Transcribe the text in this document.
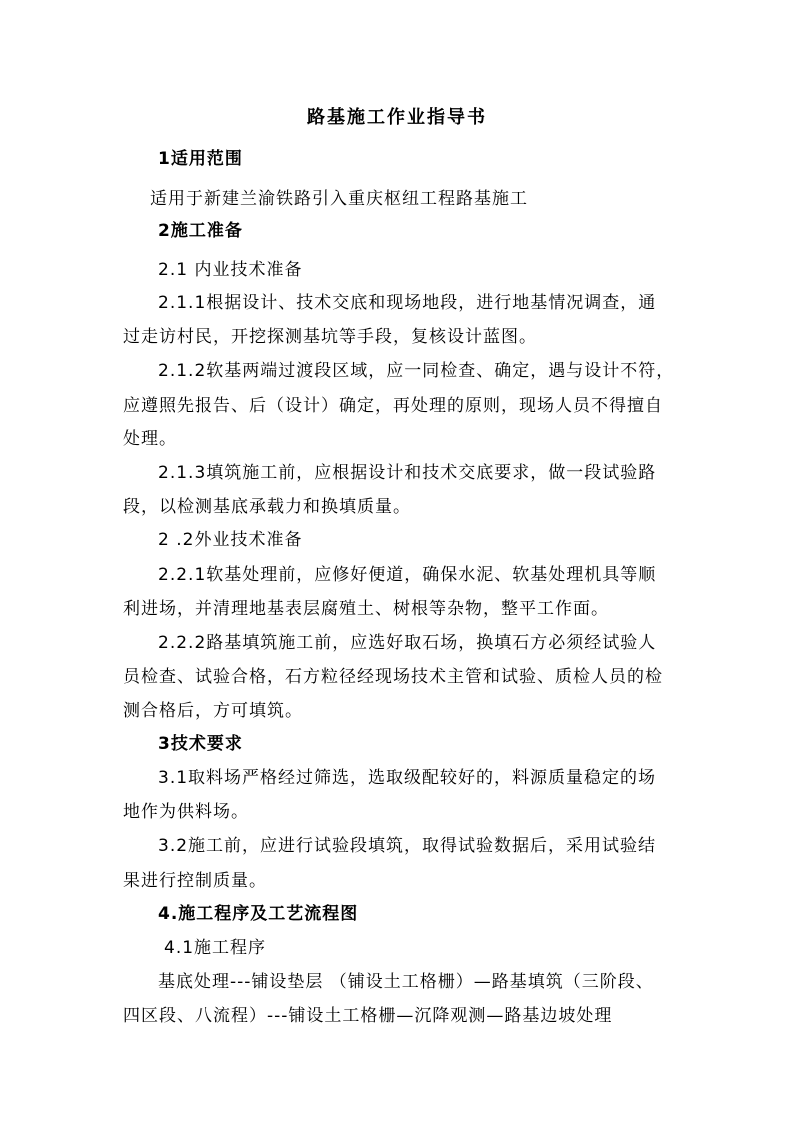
路基施工作业指导书
1适用范围
适用于新建兰渝铁路引入重庆枢纽工程路基施工
2施工准备
2.1 内业技术准备
2.1.1根据设计、技术交底和现场地段，进行地基情况调查，通
过走访村民，开挖探测基坑等手段，复核设计蓝图。
2.1.2软基两端过渡段区域，应一同检查、确定，遇与设计不符，
应遵照先报告、后（设计）确定，再处理的原则，现场人员不得擅自
处理。
2.1.3填筑施工前，应根据设计和技术交底要求，做一段试验路
段，以检测基底承载力和换填质量。
2 .2外业技术准备
2.2.1软基处理前，应修好便道，确保水泥、软基处理机具等顺
利进场，并清理地基表层腐殖土、树根等杂物，整平工作面。
2.2.2路基填筑施工前，应选好取石场，换填石方必须经试验人
员检查、试验合格，石方粒径经现场技术主管和试验、质检人员的检
测合格后，方可填筑。
3技术要求
3.1取料场严格经过筛选，选取级配较好的，料源质量稳定的场
地作为供料场。
3.2施工前，应进行试验段填筑，取得试验数据后，采用试验结
果进行控制质量。
4.施工程序及工艺流程图
4.1施工程序
基底处理---铺设垫层 （铺设土工格栅）—路基填筑（三阶段、
四区段、八流程）---铺设土工格栅—沉降观测—路基边坡处理
